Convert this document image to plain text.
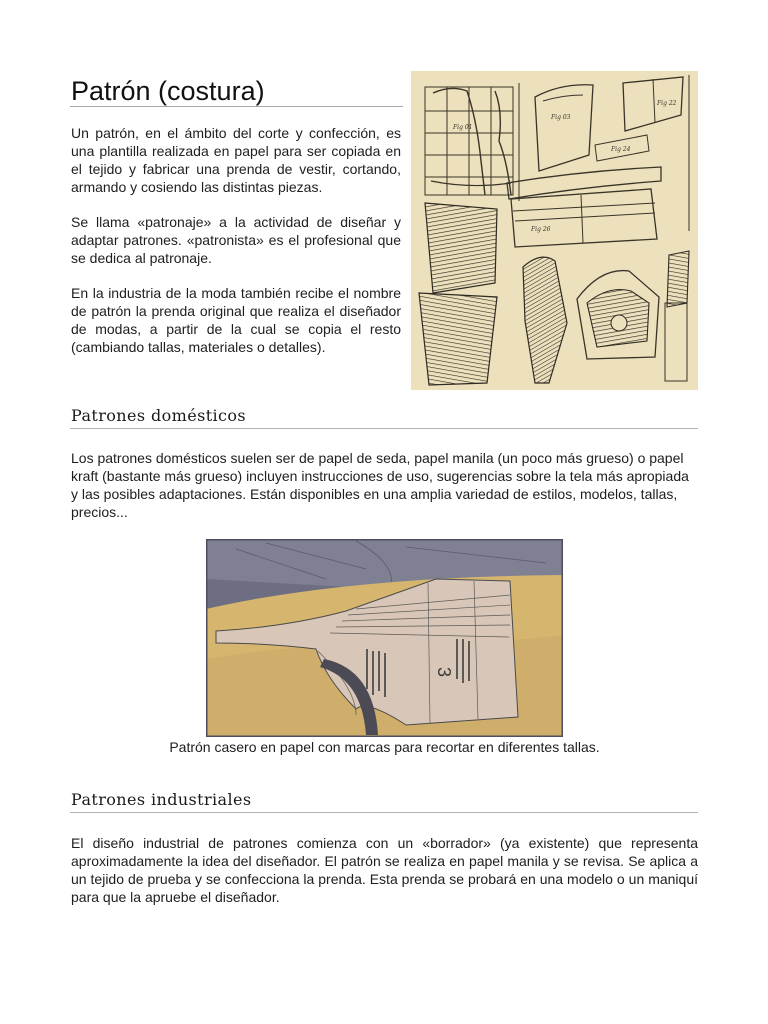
Patrón (costura)

Un patrón, en el ámbito del corte y confección, es una plantilla realizada en papel para ser copiada en el tejido y fabricar una prenda de vestir, cortando, armando y cosiendo las distintas piezas.

Se llama «patronaje» a la actividad de diseñar y adaptar patrones. «patronista» es el profesional que se dedica al patronaje.

En la industria de la moda también recibe el nombre de patrón la prenda original que realiza el diseñador de modas, a partir de la cual se copia el resto (cambiando tallas, materiales o detalles).

Fig 01
Fig 03
Fig 22
Fig 24
Fig 26
Patrones domésticos

Los patrones domésticos suelen ser de papel de seda, papel manila (un poco más grueso) o papel kraft (bastante más grueso) incluyen instrucciones de uso, sugerencias sobre la tela más apropiada y las posibles adaptaciones. Están disponibles en una amplia variedad de estilos, modelos, tallas, precios...

3
Patrón casero en papel con marcas para recortar en diferentes tallas.
Patrones industriales

El diseño industrial de patrones comienza con un «borrador» (ya existente) que representa aproximadamente la idea del diseñador. El patrón se realiza en papel manila y se revisa. Se aplica a un tejido de prueba y se confecciona la prenda. Esta prenda se probará en una modelo o un maniquí para que la apruebe el diseñador.
